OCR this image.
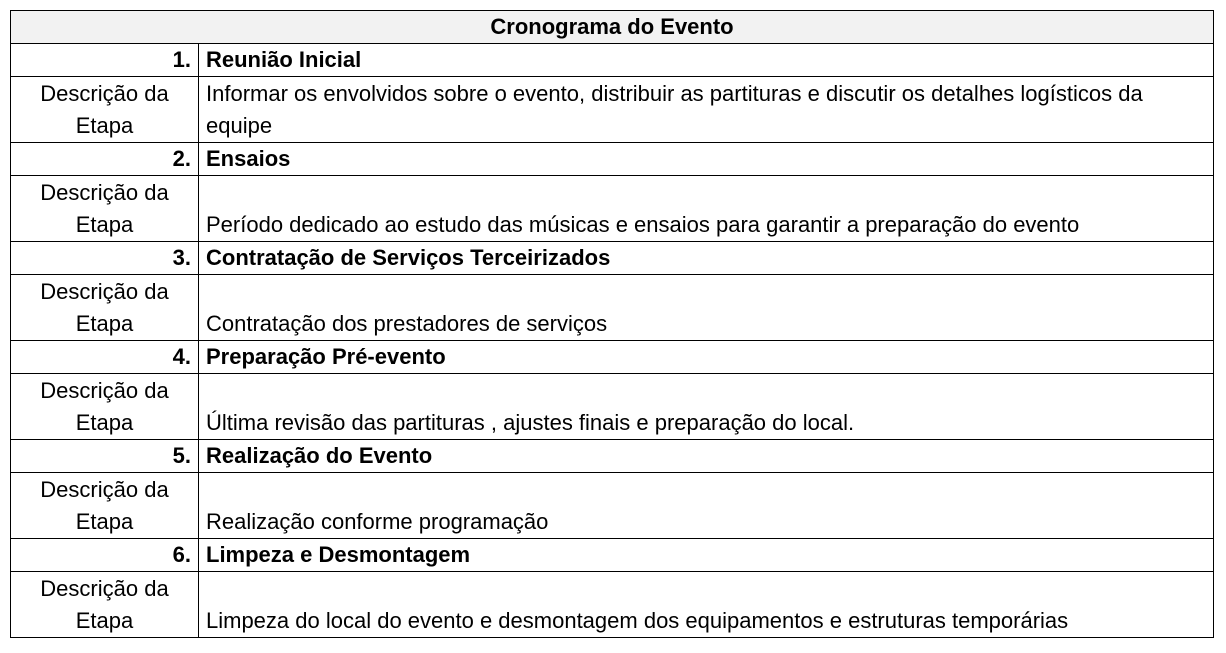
Cronograma do Evento	
1.	Reunião Inicial
Descrição da Etapa	Informar os envolvidos sobre o evento, distribuir as partituras e discutir os detalhes logísticos da equipe
2.	Ensaios
Descrição da Etapa	Período dedicado ao estudo das músicas e ensaios para garantir a preparação do evento
3.	Contratação de Serviços Terceirizados
Descrição da Etapa	Contratação dos prestadores de serviços
4.	Preparação Pré-evento
Descrição da Etapa	Última revisão das partituras , ajustes finais e preparação do local.
5.	Realização do Evento
Descrição da Etapa	Realização conforme programação
6.	Limpeza e Desmontagem
Descrição da Etapa	Limpeza do local do evento e desmontagem dos equipamentos e estruturas temporárias
